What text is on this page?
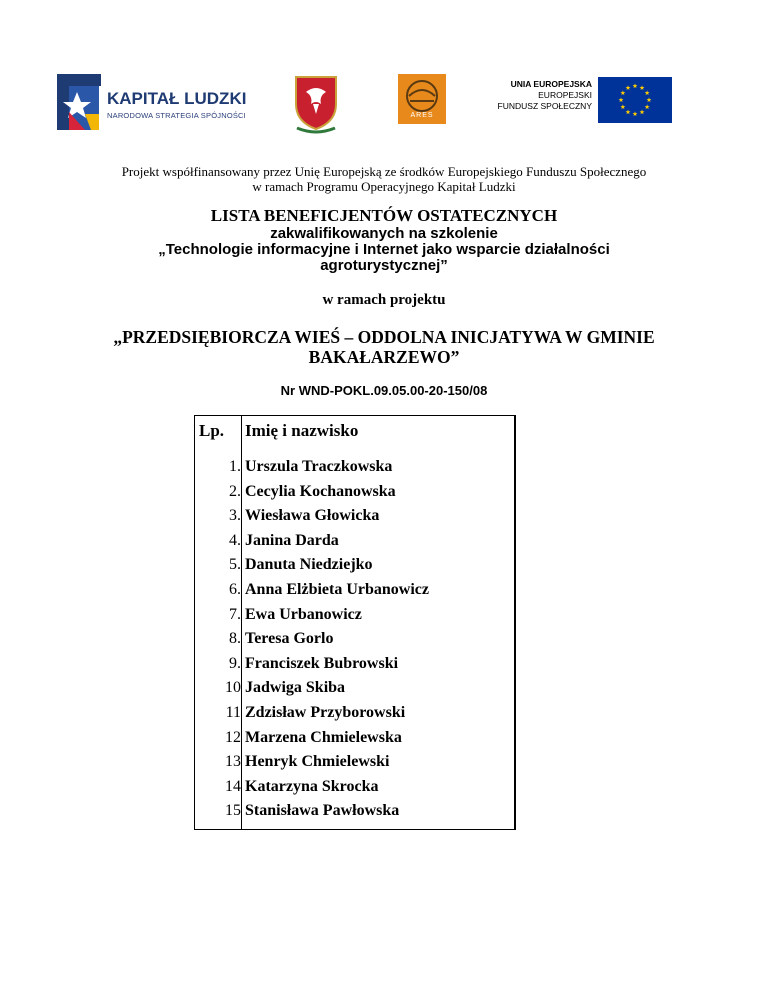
KAPITAŁ LUDZKI
NARODOWA STRATEGIA SPÓJNOŚCI	ARES
UNIA EUROPEJSKA
EUROPEJSKI
FUNDUSZ SPOŁECZNY
Projekt współfinansowany przez Unię Europejską ze środków Europejskiego Funduszu Społecznego
w ramach Programu Operacyjnego Kapitał Ludzki
LISTA BENEFICJENTÓW OSTATECZNYCH
zakwalifikowanych na szkolenie
„Technologie informacyjne i Internet jako wsparcie działalności
agroturystycznej”
w ramach projektu
„PRZEDSIĘBIORCZA WIEŚ – ODDOLNA INICJATYWA W GMINIE
BAKAŁARZEWO”
Nr WND-POKL.09.05.00-20-150/08
Lp. Imię i nazwisko
1. Urszula Traczkowska
2. Cecylia Kochanowska
3. Wiesława Głowicka
4. Janina Darda
5. Danuta Niedziejko
6. Anna Elżbieta Urbanowicz
7. Ewa Urbanowicz
8. Teresa Gorlo
9. Franciszek Bubrowski
10 Jadwiga Skiba
11 Zdzisław Przyborowski
12 Marzena Chmielewska
13 Henryk Chmielewski
14 Katarzyna Skrocka
15 Stanisława Pawłowska
